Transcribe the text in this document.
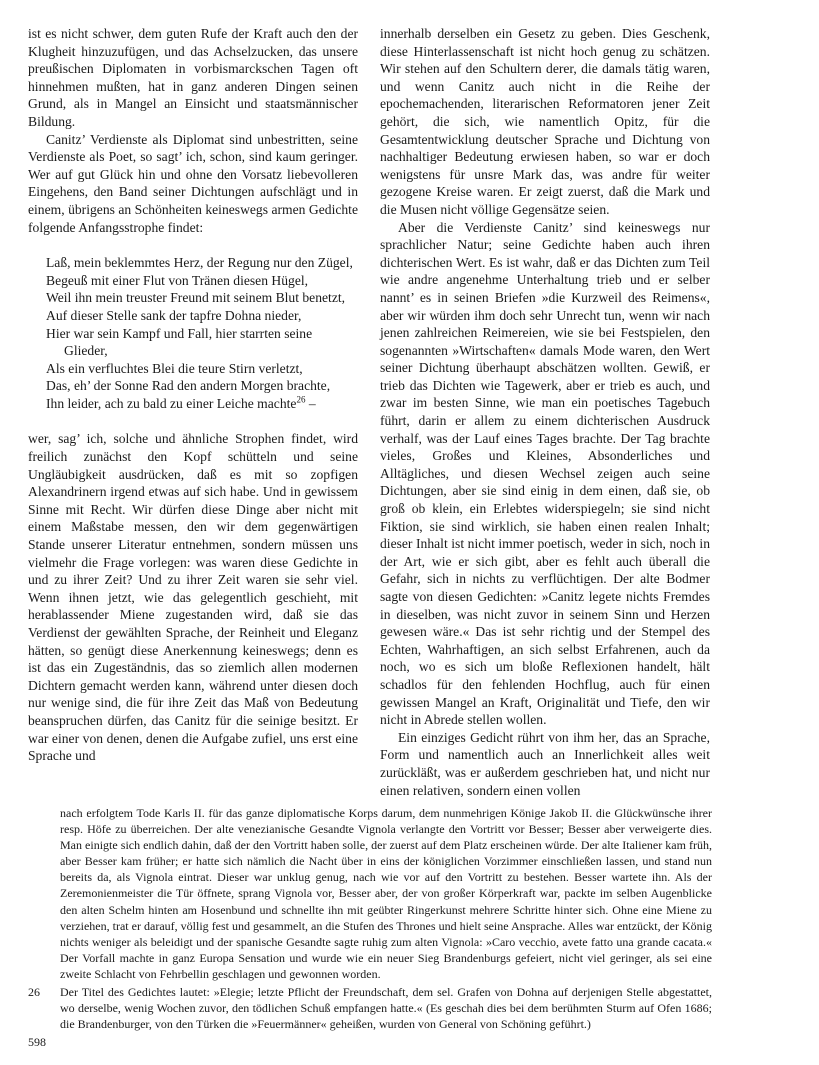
ist es nicht schwer, dem guten Rufe der Kraft auch den der Klugheit hinzuzufügen, und das Achselzucken, das unsere preußischen Diplomaten in vorbismarckschen Tagen oft hinnehmen mußten, hat in ganz anderen Dingen seinen Grund, als in Mangel an Einsicht und staatsmännischer Bildung.

Canitz’ Verdienste als Diplomat sind unbestritten, seine Verdienste als Poet, so sagt’ ich, schon, sind kaum geringer. Wer auf gut Glück hin und ohne den Vorsatz liebevolleren Eingehens, den Band seiner Dichtungen aufschlägt und in einem, übrigens an Schönheiten keineswegs armen Gedichte folgende Anfangsstrophe findet:

Laß, mein beklemmtes Herz, der Regung nur den Zügel,
Begeuß mit einer Flut von Tränen diesen Hügel,
Weil ihn mein treuster Freund mit seinem Blut benetzt,
Auf dieser Stelle sank der tapfre Dohna nieder,
Hier war sein Kampf und Fall, hier starrten seine Glieder,
Als ein verfluchtes Blei die teure Stirn verletzt,
Das, eh’ der Sonne Rad den andern Morgen brachte,
Ihn leider, ach zu bald zu einer Leiche machte$^{26}$ –

wer, sag’ ich, solche und ähnliche Strophen findet, wird freilich zunächst den Kopf schütteln und seine Ungläubigkeit ausdrücken, daß es mit so zopfigen Alexandrinern irgend etwas auf sich habe. Und in gewissem Sinne mit Recht. Wir dürfen diese Dinge aber nicht mit einem Maßstabe messen, den wir dem gegenwärtigen Stande unserer Literatur entnehmen, sondern müssen uns vielmehr die Frage vorlegen: was waren diese Gedichte in und zu ihrer Zeit? Und zu ihrer Zeit waren sie sehr viel. Wenn ihnen jetzt, wie das gelegentlich geschieht, mit herablassender Miene zugestanden wird, daß sie das Verdienst der gewählten Sprache, der Reinheit und Eleganz hätten, so genügt diese Anerkennung keineswegs; denn es ist das ein Zugeständnis, das so ziemlich allen modernen Dichtern gemacht werden kann, während unter diesen doch nur wenige sind, die für ihre Zeit das Maß von Bedeutung beanspruchen dürfen, das Canitz für die seinige besitzt. Er war einer von denen, denen die Aufgabe zufiel, uns erst eine Sprache und

innerhalb derselben ein Gesetz zu geben. Dies Geschenk, diese Hinterlassenschaft ist nicht hoch genug zu schätzen. Wir stehen auf den Schultern derer, die damals tätig waren, und wenn Canitz auch nicht in die Reihe der epochemachenden, literarischen Reformatoren jener Zeit gehört, die sich, wie namentlich Opitz, für die Gesamtentwicklung deutscher Sprache und Dichtung von nachhaltiger Bedeutung erwiesen haben, so war er doch wenigstens für unsre Mark das, was andre für weiter gezogene Kreise waren. Er zeigt zuerst, daß die Mark und die Musen nicht völlige Gegensätze seien.

Aber die Verdienste Canitz’ sind keineswegs nur sprachlicher Natur; seine Gedichte haben auch ihren dichterischen Wert. Es ist wahr, daß er das Dichten zum Teil wie andre angenehme Unterhaltung trieb und er selber nannt’ es in seinen Briefen »die Kurzweil des Reimens«, aber wir würden ihm doch sehr Unrecht tun, wenn wir nach jenen zahlreichen Reimereien, wie sie bei Festspielen, den sogenannten »Wirtschaften« damals Mode waren, den Wert seiner Dichtung überhaupt abschätzen wollten. Gewiß, er trieb das Dichten wie Tagewerk, aber er trieb es auch, und zwar im besten Sinne, wie man ein poetisches Tagebuch führt, darin er allem zu einem dichterischen Ausdruck verhalf, was der Lauf eines Tages brachte. Der Tag brachte vieles, Großes und Kleines, Absonderliches und Alltägliches, und diesen Wechsel zeigen auch seine Dichtungen, aber sie sind einig in dem einen, daß sie, ob groß ob klein, ein Erlebtes widerspiegeln; sie sind nicht Fiktion, sie sind wirklich, sie haben einen realen Inhalt; dieser Inhalt ist nicht immer poetisch, weder in sich, noch in der Art, wie er sich gibt, aber es fehlt auch überall die Gefahr, sich in nichts zu verflüchtigen. Der alte Bodmer sagte von diesen Gedichten: »Canitz legete nichts Fremdes in dieselben, was nicht zuvor in seinem Sinn und Herzen gewesen wäre.« Das ist sehr richtig und der Stempel des Echten, Wahrhaftigen, an sich selbst Erfahrenen, auch da noch, wo es sich um bloße Reflexionen handelt, hält schadlos für den fehlenden Hochflug, auch für einen gewissen Mangel an Kraft, Originalität und Tiefe, den wir nicht in Abrede stellen wollen.

Ein einziges Gedicht rührt von ihm her, das an Sprache, Form und namentlich auch an Innerlichkeit alles weit zurückläßt, was er außerdem geschrieben hat, und nicht nur einen relativen, sondern einen vollen

nach erfolgtem Tode Karls II. für das ganze diplomatische Korps darum, dem nunmehrigen Könige Jakob II. die Glückwünsche ihrer resp. Höfe zu überreichen. Der alte venezianische Gesandte Vignola verlangte den Vortritt vor Besser; Besser aber verweigerte dies. Man einigte sich endlich dahin, daß der den Vortritt haben solle, der zuerst auf dem Platz erscheinen würde. Der alte Italiener kam früh, aber Besser kam früher; er hatte sich nämlich die Nacht über in eins der königlichen Vorzimmer einschließen lassen, und stand nun bereits da, als Vignola eintrat. Dieser war unklug genug, nach wie vor auf den Vortritt zu bestehen. Besser wartete ihn. Als der Zeremonienmeister die Tür öffnete, sprang Vignola vor, Besser aber, der von großer Körperkraft war, packte im selben Augenblicke den alten Schelm hinten am Hosenbund und schnellte ihn mit geübter Ringerkunst mehrere Schritte hinter sich. Ohne eine Miene zu verziehen, trat er darauf, völlig fest und gesammelt, an die Stufen des Thrones und hielt seine Ansprache. Alles war entzückt, der König nichts weniger als beleidigt und der spanische Gesandte sagte ruhig zum alten Vignola: »Caro vecchio, avete fatto una grande cacata.« Der Vorfall machte in ganz Europa Sensation und wurde wie ein neuer Sieg Brandenburgs gefeiert, nicht viel geringer, als sei eine zweite Schlacht von Fehrbellin geschlagen und gewonnen worden.

26 Der Titel des Gedichtes lautet: »Elegie; letzte Pflicht der Freundschaft, dem sel. Grafen von Dohna auf derjenigen Stelle abgestattet, wo derselbe, wenig Wochen zuvor, den tödlichen Schuß empfangen hatte.« (Es geschah dies bei dem berühmten Sturm auf Ofen 1686; die Brandenburger, von den Türken die »Feuermänner« geheißen, wurden von General von Schöning geführt.)

598
